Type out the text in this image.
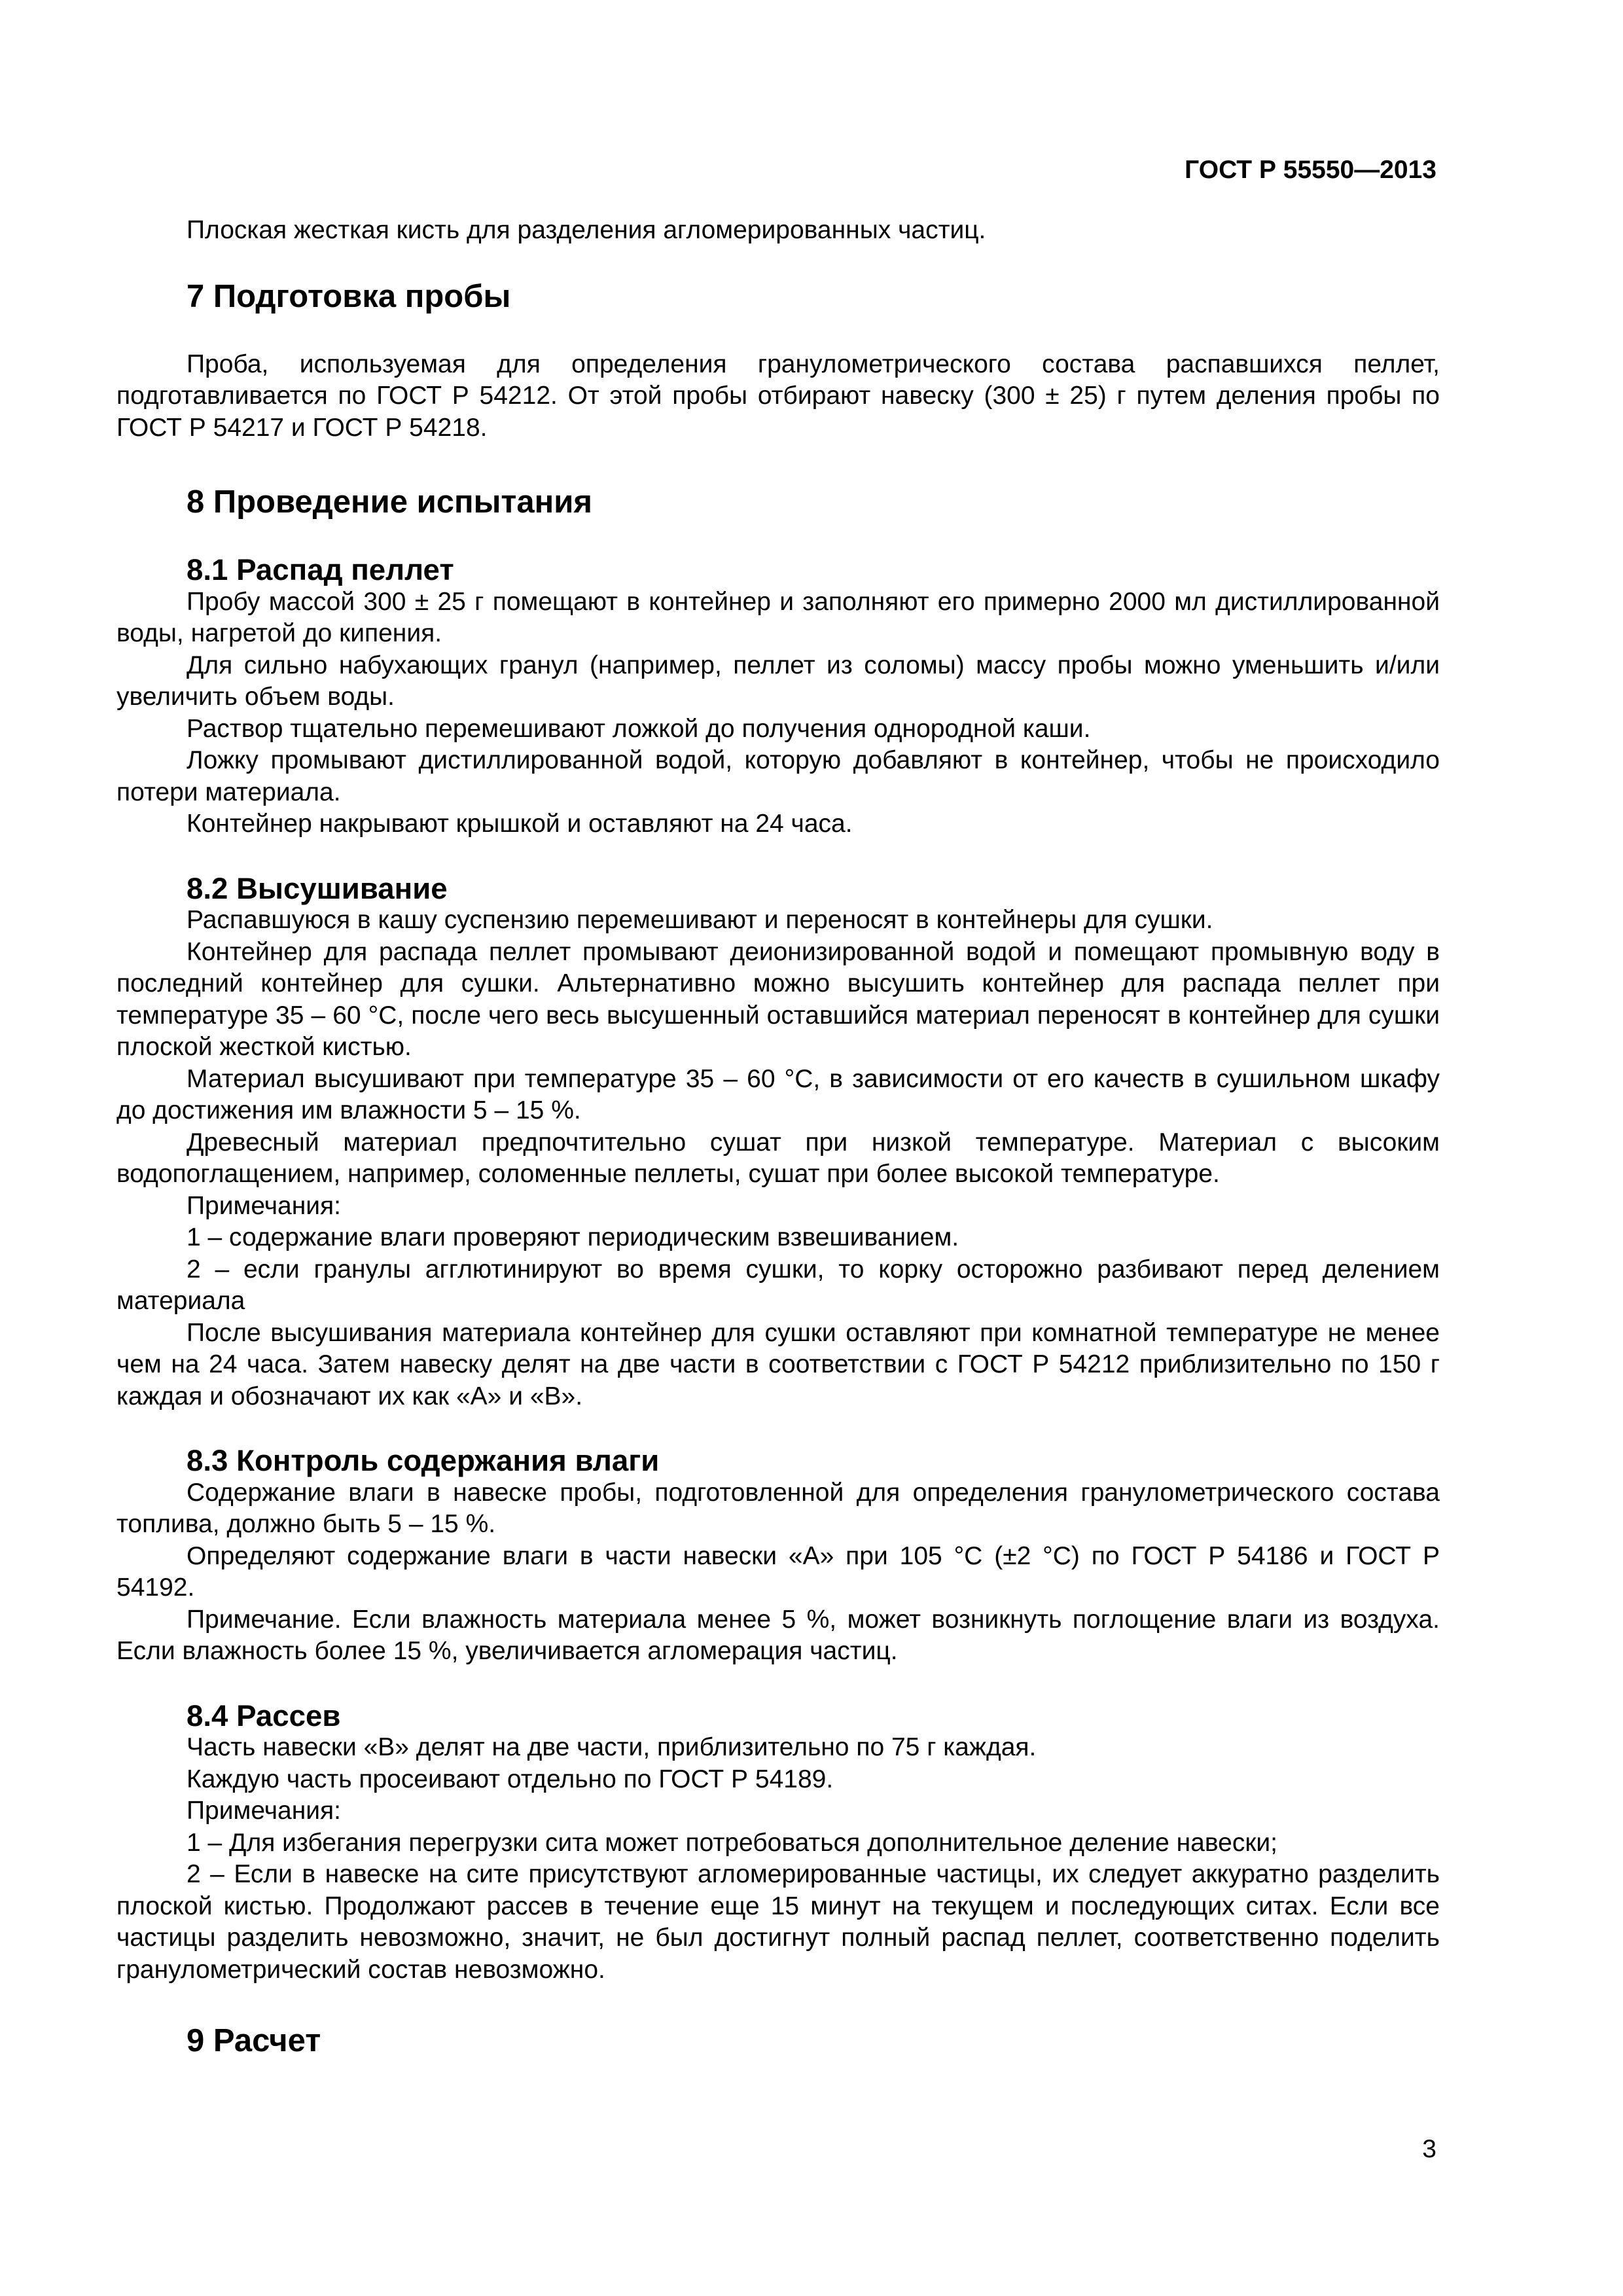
ГОСТ Р 55550—2013

Плоская жесткая кисть для разделения агломерированных частиц.

7 Подготовка пробы

Проба, используемая для определения гранулометрического состава распавшихся пеллет, подготавливается по ГОСТ Р 54212. От этой пробы отбирают навеску (300 ± 25) г путем деления пробы по ГОСТ Р 54217 и ГОСТ Р 54218.

8 Проведение испытания
8.1 Распад пеллет

Пробу массой 300 ± 25 г помещают в контейнер и заполняют его примерно 2000 мл дистиллированной воды, нагретой до кипения.

Для сильно набухающих гранул (например, пеллет из соломы) массу пробы можно уменьшить и/или увеличить объем воды.

Раствор тщательно перемешивают ложкой до получения однородной каши.

Ложку промывают дистиллированной водой, которую добавляют в контейнер, чтобы не происходило потери материала.

Контейнер накрывают крышкой и оставляют на 24 часа.

8.2 Высушивание

Распавшуюся в кашу суспензию перемешивают и переносят в контейнеры для сушки.

Контейнер для распада пеллет промывают деионизированной водой и помещают промывную воду в последний контейнер для сушки. Альтернативно можно высушить контейнер для распада пеллет при температуре 35 – 60 °С, после чего весь высушенный оставшийся материал переносят в контейнер для сушки плоской жесткой кистью.

Материал высушивают при температуре 35 – 60 °С, в зависимости от его качеств в сушильном шкафу до достижения им влажности 5 – 15 %.

Древесный материал предпочтительно сушат при низкой температуре. Материал с высоким водопоглащением, например, соломенные пеллеты, сушат при более высокой температуре.

Примечания:

1 – содержание влаги проверяют периодическим взвешиванием.

2 – если гранулы агглютинируют во время сушки, то корку осторожно разбивают перед делением материала

После высушивания материала контейнер для сушки оставляют при комнатной температуре не менее чем на 24 часа. Затем навеску делят на две части в соответствии с ГОСТ Р 54212 приблизительно по 150 г каждая и обозначают их как «А» и «В».

8.3 Контроль содержания влаги

Содержание влаги в навеске пробы, подготовленной для определения гранулометрического состава топлива, должно быть 5 – 15 %.

Определяют содержание влаги в части навески «А» при 105 °С (±2 °С) по ГОСТ Р 54186 и ГОСТ Р 54192.

Примечание. Если влажность материала менее 5 %, может возникнуть поглощение влаги из воздуха. Если влажность более 15 %, увеличивается агломерация частиц.

8.4 Рассев

Часть навески «В» делят на две части, приблизительно по 75 г каждая.

Каждую часть просеивают отдельно по ГОСТ Р 54189.

Примечания:

1 – Для избегания перегрузки сита может потребоваться дополнительное деление навески;

2 – Если в навеске на сите присутствуют агломерированные частицы, их следует аккуратно разделить плоской кистью. Продолжают рассев в течение еще 15 минут на текущем и последующих ситах. Если все частицы разделить невозможно, значит, не был достигнут полный распад пеллет, соответственно поделить гранулометрический состав невозможно.

9 Расчет
3
